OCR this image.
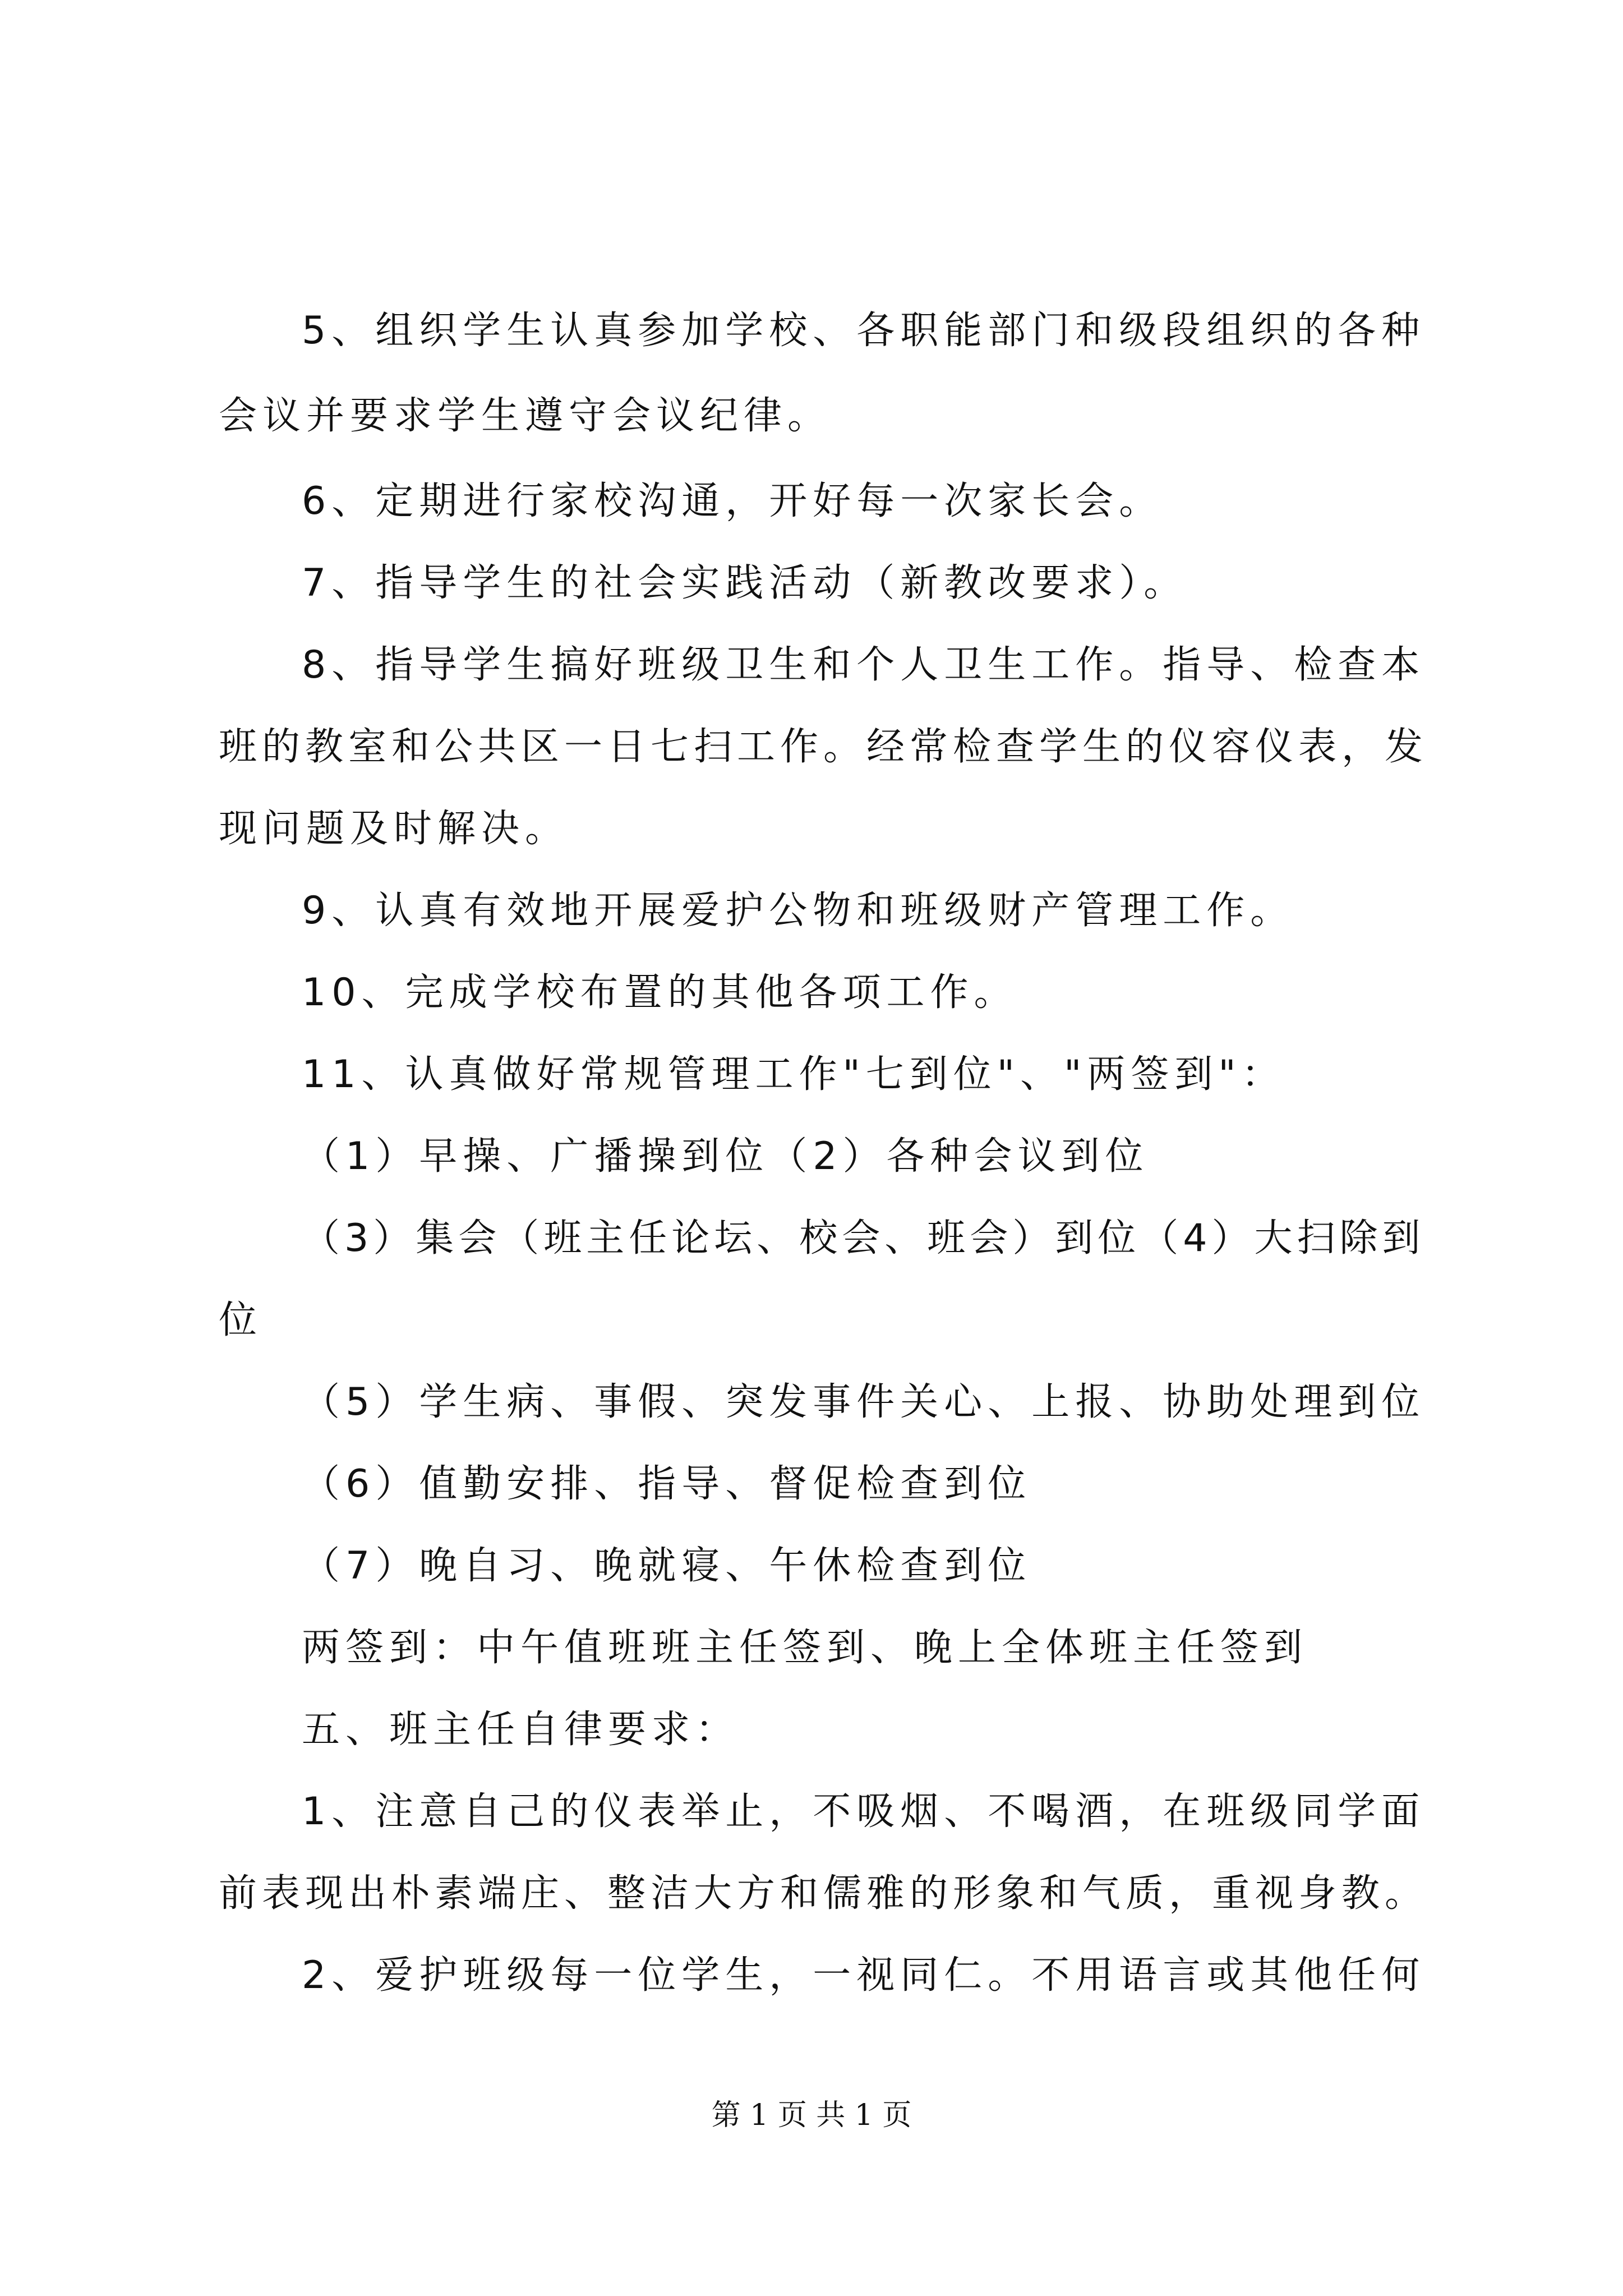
5、组织学生认真参加学校、各职能部门和级段组织的各种
会议并要求学生遵守会议纪律。
6、定期进行家校沟通，开好每一次家长会。
7、指导学生的社会实践活动（新教改要求）。
8、指导学生搞好班级卫生和个人卫生工作。指导、检查本
班的教室和公共区一日七扫工作。经常检查学生的仪容仪表，发
现问题及时解决。
9、认真有效地开展爱护公物和班级财产管理工作。
10、完成学校布置的其他各项工作。
11、认真做好常规管理工作"七到位"、"两签到"：
（1）早操、广播操到位（2）各种会议到位
（3）集会（班主任论坛、校会、班会）到位（4）大扫除到
位
（5）学生病、事假、突发事件关心、上报、协助处理到位
（6）值勤安排、指导、督促检查到位
（7）晚自习、晚就寝、午休检查到位
两签到：中午值班班主任签到、晚上全体班主任签到
五、班主任自律要求：
1、注意自己的仪表举止，不吸烟、不喝酒，在班级同学面
前表现出朴素端庄、整洁大方和儒雅的形象和气质，重视身教。
2、爱护班级每一位学生，一视同仁。不用语言或其他任何
第 1 页 共 1 页
